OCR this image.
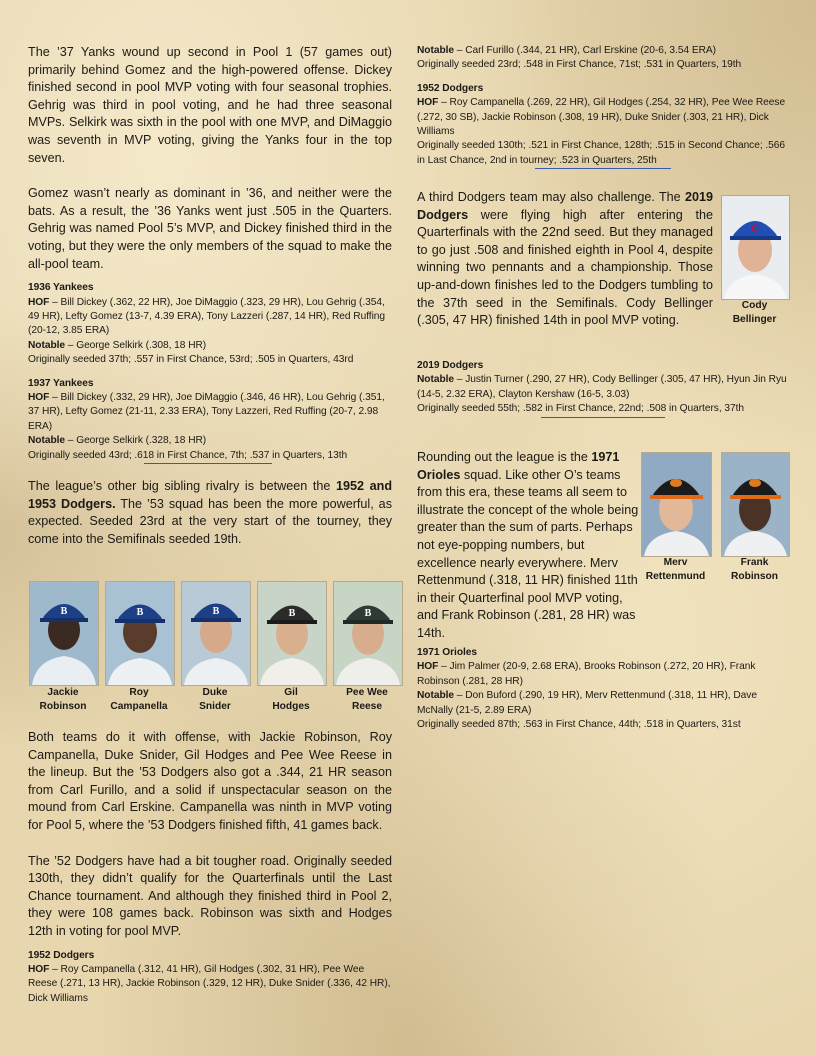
The ’37 Yanks wound up second in Pool 1 (57 games out) primarily behind Gomez and the high-powered offense. Dickey finished second in pool MVP voting with four seasonal trophies. Gehrig was third in pool voting, and he had three seasonal MVPs. Selkirk was sixth in the pool with one MVP, and DiMaggio was seventh in MVP voting, giving the Yanks four in the top seven.

Gomez wasn’t nearly as dominant in ’36, and neither were the bats. As a result, the ’36 Yanks went just .505 in the Quarters. Gehrig was named Pool 5’s MVP, and Dickey finished third in the voting, but they were the only members of the squad to make the all-pool team.

1936 Yankees
HOF – Bill Dickey (.362, 22 HR), Joe DiMaggio (.323, 29 HR), Lou Gehrig (.354, 49 HR), Lefty Gomez (13-7, 4.39 ERA), Tony Lazzeri (.287, 14 HR), Red Ruffing (20-12, 3.85 ERA)
Notable – George Selkirk (.308, 18 HR)
Originally seeded 37th; .557 in First Chance, 53rd; .505 in Quarters, 43rd
1937 Yankees
HOF – Bill Dickey (.332, 29 HR), Joe DiMaggio (.346, 46 HR), Lou Gehrig (.351, 37 HR), Lefty Gomez (21-11, 2.33 ERA), Tony Lazzeri, Red Ruffing (20-7, 2.98 ERA)
Notable – George Selkirk (.328, 18 HR)
Originally seeded 43rd; .618 in First Chance, 7th; .537 in Quarters, 13th

The league’s other big sibling rivalry is between the 1952 and 1953 Dodgers. The ’53 squad has been the more powerful, as expected. Seeded 23rd at the very start of the tourney, they come into the Semifinals seeded 19th.

B	B	B	B	B
Jackie
Robinson
Roy
Campanella
Duke
Snider
Gil
Hodges
Pee Wee
Reese

Both teams do it with offense, with Jackie Robinson, Roy Campanella, Duke Snider, Gil Hodges and Pee Wee Reese in the lineup. But the ’53 Dodgers also got a .344, 21 HR season from Carl Furillo, and a solid if unspectacular season on the mound from Carl Erskine. Campanella was ninth in MVP voting for Pool 5, where the ’53 Dodgers finished fifth, 41 games back.

The ’52 Dodgers have had a bit tougher road. Originally seeded 130th, they didn’t qualify for the Quarterfinals until the Last Chance tournament. And although they finished third in Pool 2, they were 108 games back. Robinson was sixth and Hodges 12th in voting for pool MVP.

1952 Dodgers
HOF – Roy Campanella (.312, 41 HR), Gil Hodges (.302, 31 HR), Pee Wee Reese (.271, 13 HR), Jackie Robinson (.329, 12 HR), Duke Snider (.336, 42 HR), Dick Williams
Notable – Carl Furillo (.344, 21 HR), Carl Erskine (20-6, 3.54 ERA)
Originally seeded 23rd; .548 in First Chance, 71st; .531 in Quarters, 19th
1952 Dodgers
HOF – Roy Campanella (.269, 22 HR), Gil Hodges (.254, 32 HR), Pee Wee Reese (.272, 30 SB), Jackie Robinson (.308, 19 HR), Duke Snider (.303, 21 HR), Dick Williams
Originally seeded 130th; .521 in First Chance, 128th; .515 in Second Chance; .566 in Last Chance, 2nd in tourney; .523 in Quarters, 25th

A third Dodgers team may also challenge. The 2019 Dodgers were flying high after entering the Quarterfinals with the 22nd seed. But they managed to go just .508 and finished eighth in Pool 4, despite winning two pennants and a championship. Those up-and-down finishes led to the Dodgers tumbling to the 37th seed in the Semifinals. Cody Bellinger (.305, 47 HR) finished 14th in pool MVP voting.

C
Cody
Bellinger
2019 Dodgers
Notable – Justin Turner (.290, 27 HR), Cody Bellinger (.305, 47 HR), Hyun Jin Ryu (14-5, 2.32 ERA), Clayton Kershaw (16-5, 3.03)
Originally seeded 55th; .582 in First Chance, 22nd; .508 in Quarters, 37th

Rounding out the league is the 1971 Orioles squad. Like other O’s teams from this era, these teams all seem to illustrate the concept of the whole being greater than the sum of parts. Perhaps not eye-popping numbers, but excellence nearly everywhere. Merv Rettenmund (.318, 11 HR) finished 11th in their Quarterfinal pool MVP voting, and Frank Robinson (.281, 28 HR) was 14th.

Merv
Rettenmund
Frank
Robinson
1971 Orioles
HOF – Jim Palmer (20-9, 2.68 ERA), Brooks Robinson (.272, 20 HR), Frank Robinson (.281, 28 HR)
Notable – Don Buford (.290, 19 HR), Merv Rettenmund (.318, 11 HR), Dave McNally (21-5, 2.89 ERA)
Originally seeded 87th; .563 in First Chance, 44th; .518 in Quarters, 31st
